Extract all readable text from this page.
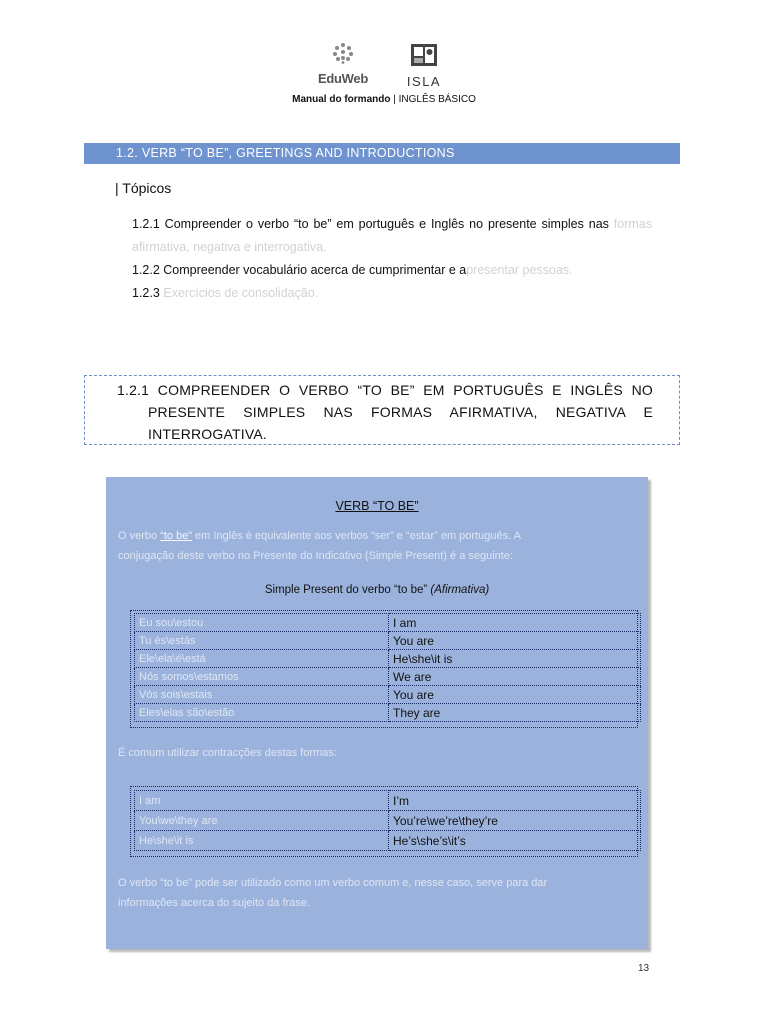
EduWeb	ISLA
Manual do formando | INGLÊS BÁSICO
1.2. VERB “TO BE”, GREETINGS AND INTRODUCTIONS
| Tópicos
1.2.1 Compreender o verbo “to be” em português e Inglês no presente simples nas formas afirmativa, negativa e interrogativa.
1.2.2 Compreender vocabulário acerca de cumprimentar e apresentar pessoas.
1.2.3 Exercícios de consolidação.
1.2.1 COMPREENDER O VERBO “TO BE” EM PORTUGUÊS E INGLÊS NO
PRESENTE SIMPLES NAS FORMAS AFIRMATIVA, NEGATIVA E
INTERROGATIVA.
VERB “TO BE”
O verbo “to be” em Inglês é equivalente aos verbos “ser” e “estar” em português. A
conjugação deste verbo no Presente do Indicativo (Simple Present) é a seguinte:
Simple Present do verbo “to be” (Afirmativa)
Eu sou\estou	I am
Tu és\estás	You are
Ele\ela\é\está	He\she\it is
Nós somos\estamos	We are
Vós sois\estais	You are
Eles\elas são\estão	They are
É comum utilizar contracções destas formas:
I am	I’m
You\we\they are	You’re\we’re\they’re
He\she\it is	He’s\she’s\it’s
O verbo “to be” pode ser utilizado como um verbo comum e, nesse caso, serve para dar
informações acerca do sujeito da frase.
13
